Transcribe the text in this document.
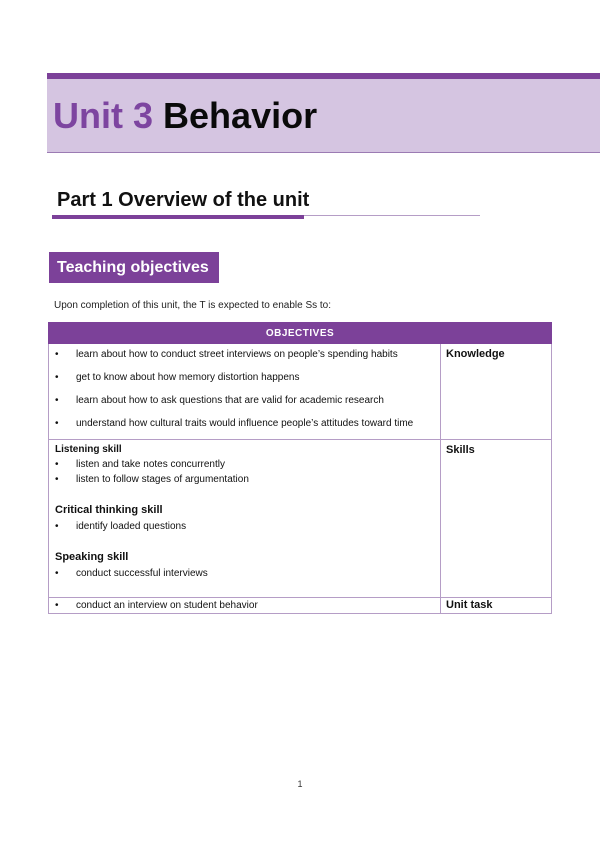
Unit 3 Behavior
Part 1 Overview of the unit
Teaching objectives
Upon completion of this unit, the T is expected to enable Ss to:
OBJECTIVES
• learn about how to conduct street interviews on people’s spending habits
• get to know about how memory distortion happens
• learn about how to ask questions that are valid for academic research
• understand how cultural traits would influence people’s attitudes toward time
Knowledge
Listening skill
• listen and take notes concurrently
• listen to follow stages of argumentation
Critical thinking skill
• identify loaded questions
Speaking skill
• conduct successful interviews
Skills
• conduct an interview on student behavior	Unit task
1
